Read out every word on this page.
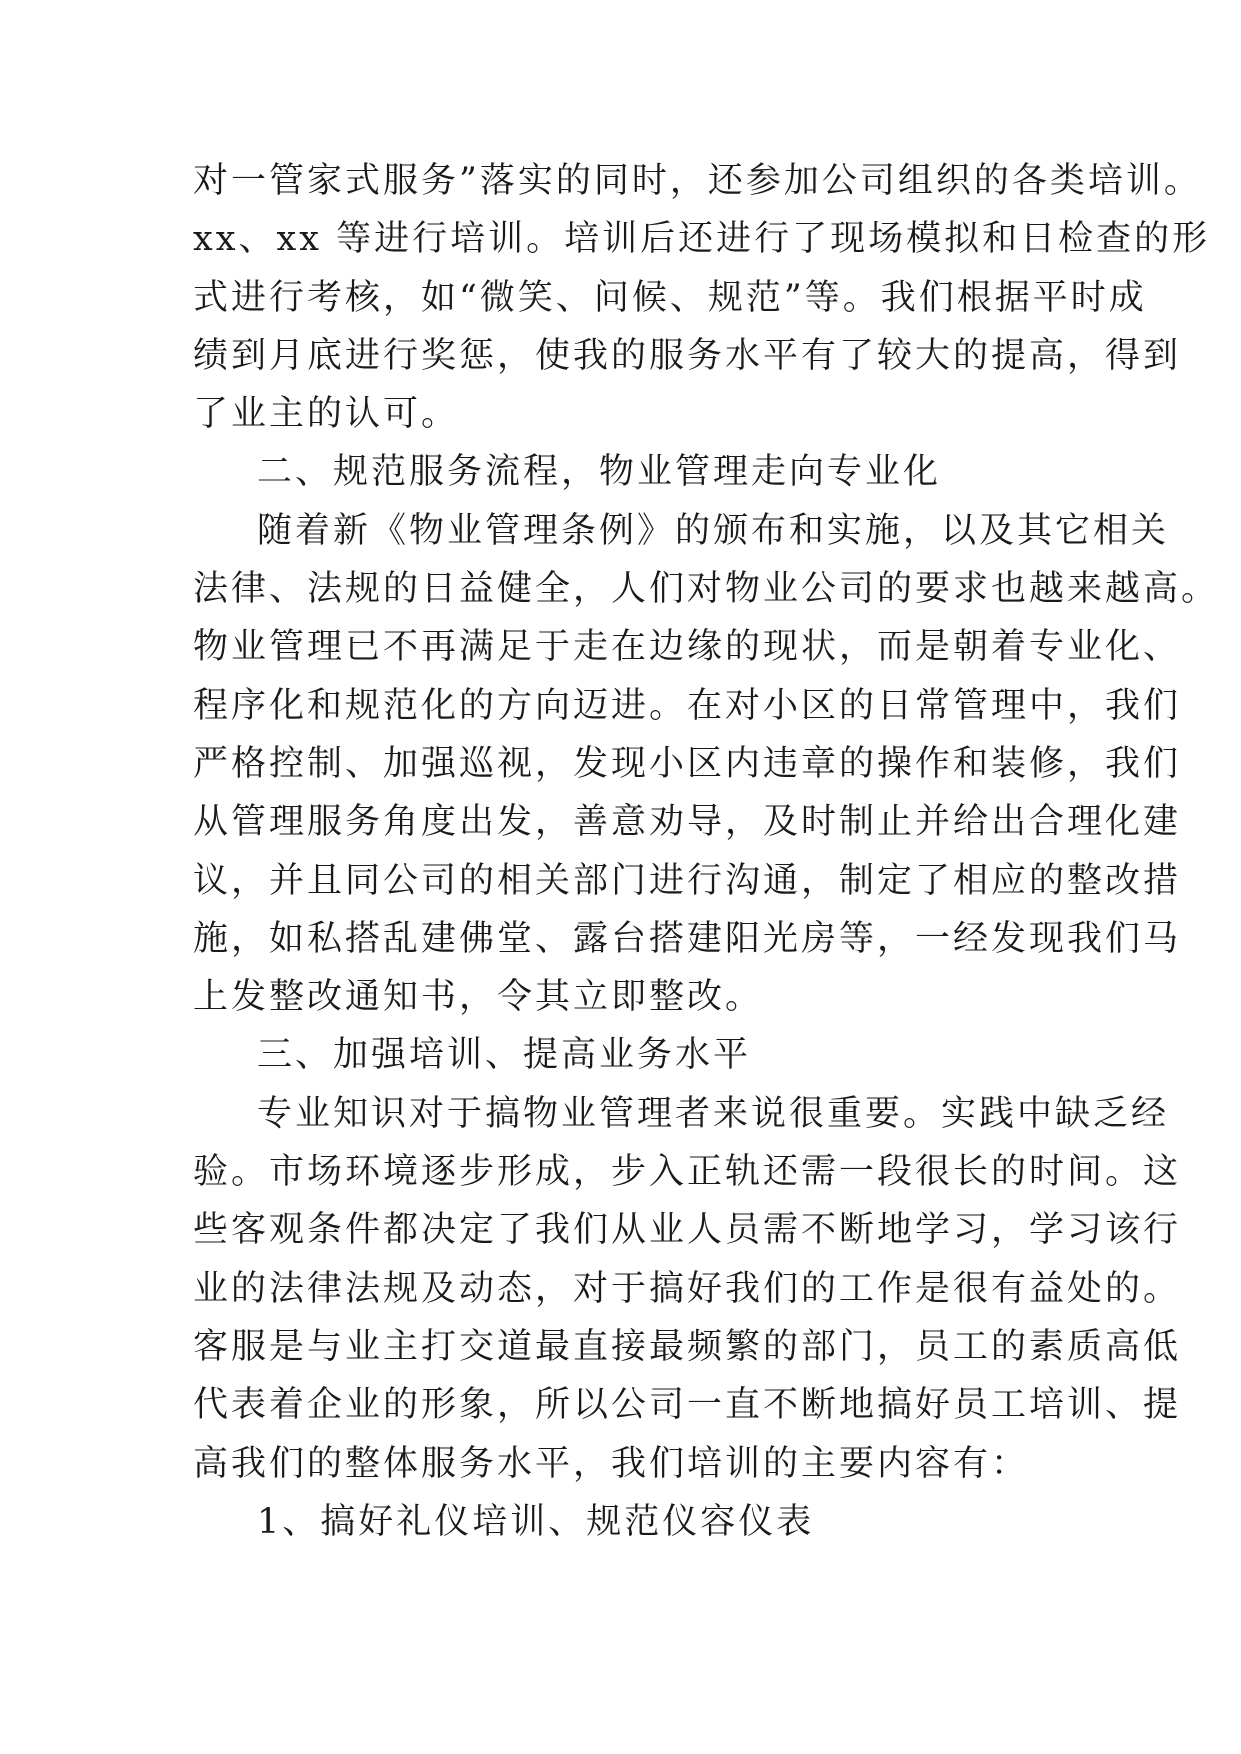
对一管家式服务”落实的同时，还参加公司组织的各类培训。
xx、xx 等进行培训。培训后还进行了现场模拟和日检查的形
式进行考核，如“微笑、问候、规范”等。我们根据平时成
绩到月底进行奖惩，使我的服务水平有了较大的提高，得到
了业主的认可。
二、规范服务流程，物业管理走向专业化
随着新《物业管理条例》的颁布和实施，以及其它相关
法律、法规的日益健全，人们对物业公司的要求也越来越高。
物业管理已不再满足于走在边缘的现状，而是朝着专业化、
程序化和规范化的方向迈进。在对小区的日常管理中，我们
严格控制、加强巡视，发现小区内违章的操作和装修，我们
从管理服务角度出发，善意劝导，及时制止并给出合理化建
议，并且同公司的相关部门进行沟通，制定了相应的整改措
施，如私搭乱建佛堂、露台搭建阳光房等，一经发现我们马
上发整改通知书，令其立即整改。
三、加强培训、提高业务水平
专业知识对于搞物业管理者来说很重要。实践中缺乏经
验。市场环境逐步形成，步入正轨还需一段很长的时间。这
些客观条件都决定了我们从业人员需不断地学习，学习该行
业的法律法规及动态，对于搞好我们的工作是很有益处的。
客服是与业主打交道最直接最频繁的部门，员工的素质高低
代表着企业的形象，所以公司一直不断地搞好员工培训、提
高我们的整体服务水平，我们培训的主要内容有：
1、搞好礼仪培训、规范仪容仪表
